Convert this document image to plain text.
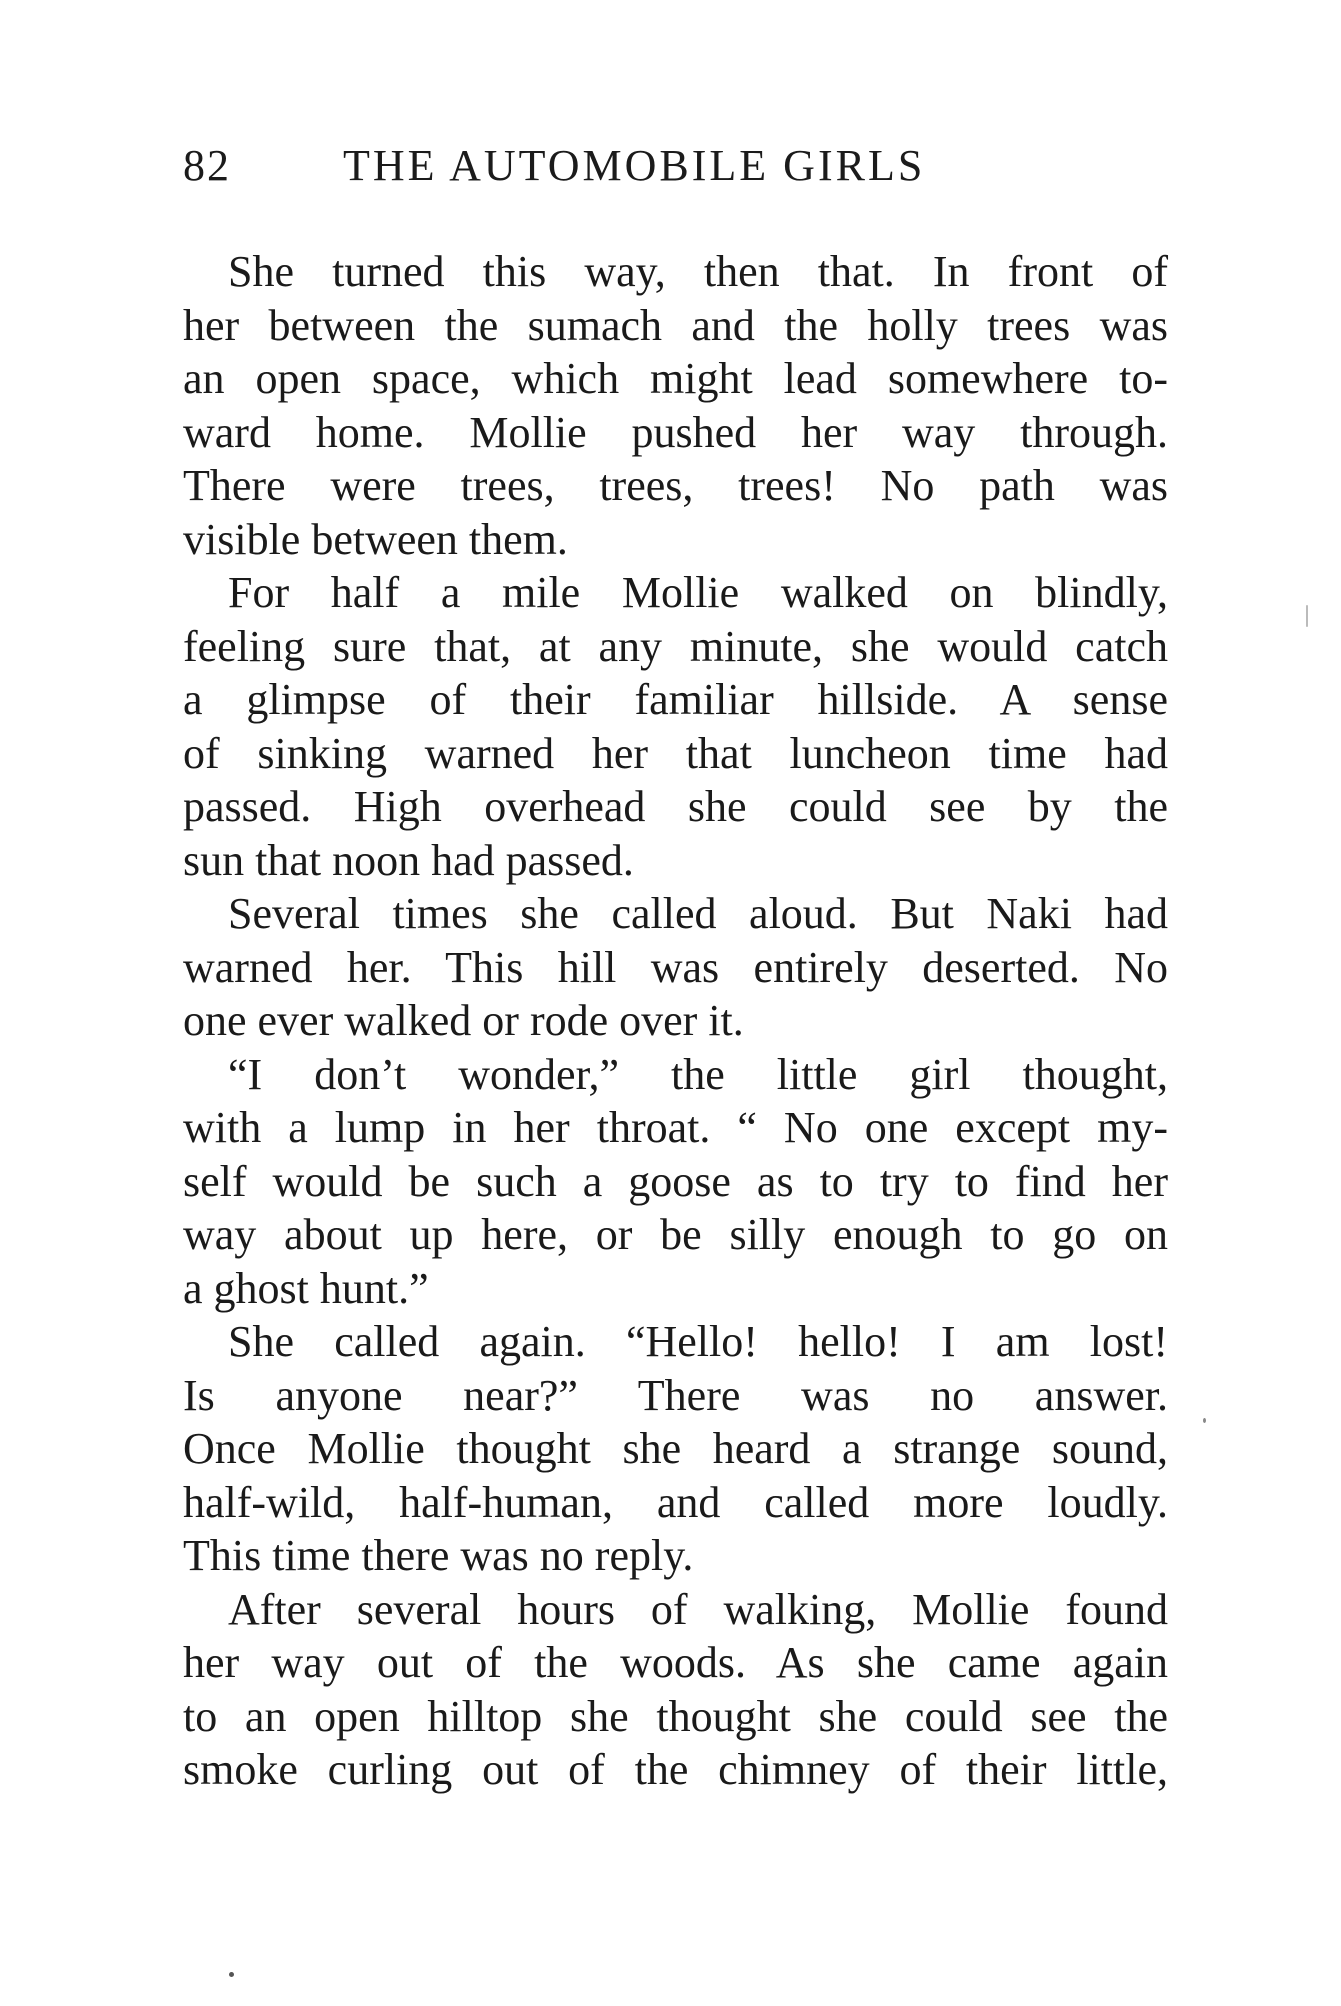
82	THE AUTOMOBILE GIRLS

She turned this way, then that. In front of
her between the sumach and the holly trees was
an open space, which might lead somewhere to-
ward home. Mollie pushed her way through.
There were trees, trees, trees! No path was
visible between them.

For half a mile Mollie walked on blindly,
feeling sure that, at any minute, she would catch
a glimpse of their familiar hillside. A sense
of sinking warned her that luncheon time had
passed. High overhead she could see by the
sun that noon had passed.

Several times she called aloud. But Naki had
warned her. This hill was entirely deserted. No
one ever walked or rode over it.

“I don’t wonder,” the little girl thought,
with a lump in her throat. “ No one except my-
self would be such a goose as to try to find her
way about up here, or be silly enough to go on
a ghost hunt.”

She called again. “Hello! hello! I am lost!
Is anyone near?” There was no answer.
Once Mollie thought she heard a strange sound,
half-wild, half-human, and called more loudly.
This time there was no reply.

After several hours of walking, Mollie found
her way out of the woods. As she came again
to an open hilltop she thought she could see the
smoke curling out of the chimney of their little,
